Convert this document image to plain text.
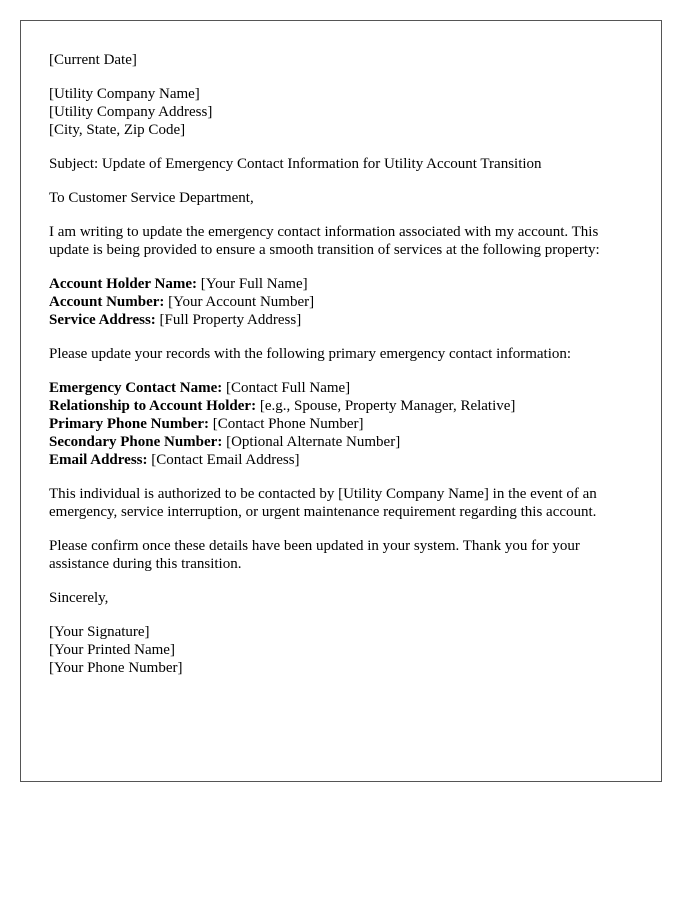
[Current Date]
[Utility Company Name]
[Utility Company Address]
[City, State, Zip Code]

Subject: Update of Emergency Contact Information for Utility Account Transition

To Customer Service Department,

I am writing to update the emergency contact information associated with my account. This update is being provided to ensure a smooth transition of services at the following property:

Account Holder Name: [Your Full Name]
Account Number: [Your Account Number]
Service Address: [Full Property Address]

Please update your records with the following primary emergency contact information:

Emergency Contact Name: [Contact Full Name]
Relationship to Account Holder: [e.g., Spouse, Property Manager, Relative]
Primary Phone Number: [Contact Phone Number]
Secondary Phone Number: [Optional Alternate Number]
Email Address: [Contact Email Address]

This individual is authorized to be contacted by [Utility Company Name] in the event of an emergency, service interruption, or urgent maintenance requirement regarding this account.

Please confirm once these details have been updated in your system. Thank you for your assistance during this transition.

Sincerely,

[Your Signature]
[Your Printed Name]
[Your Phone Number]
